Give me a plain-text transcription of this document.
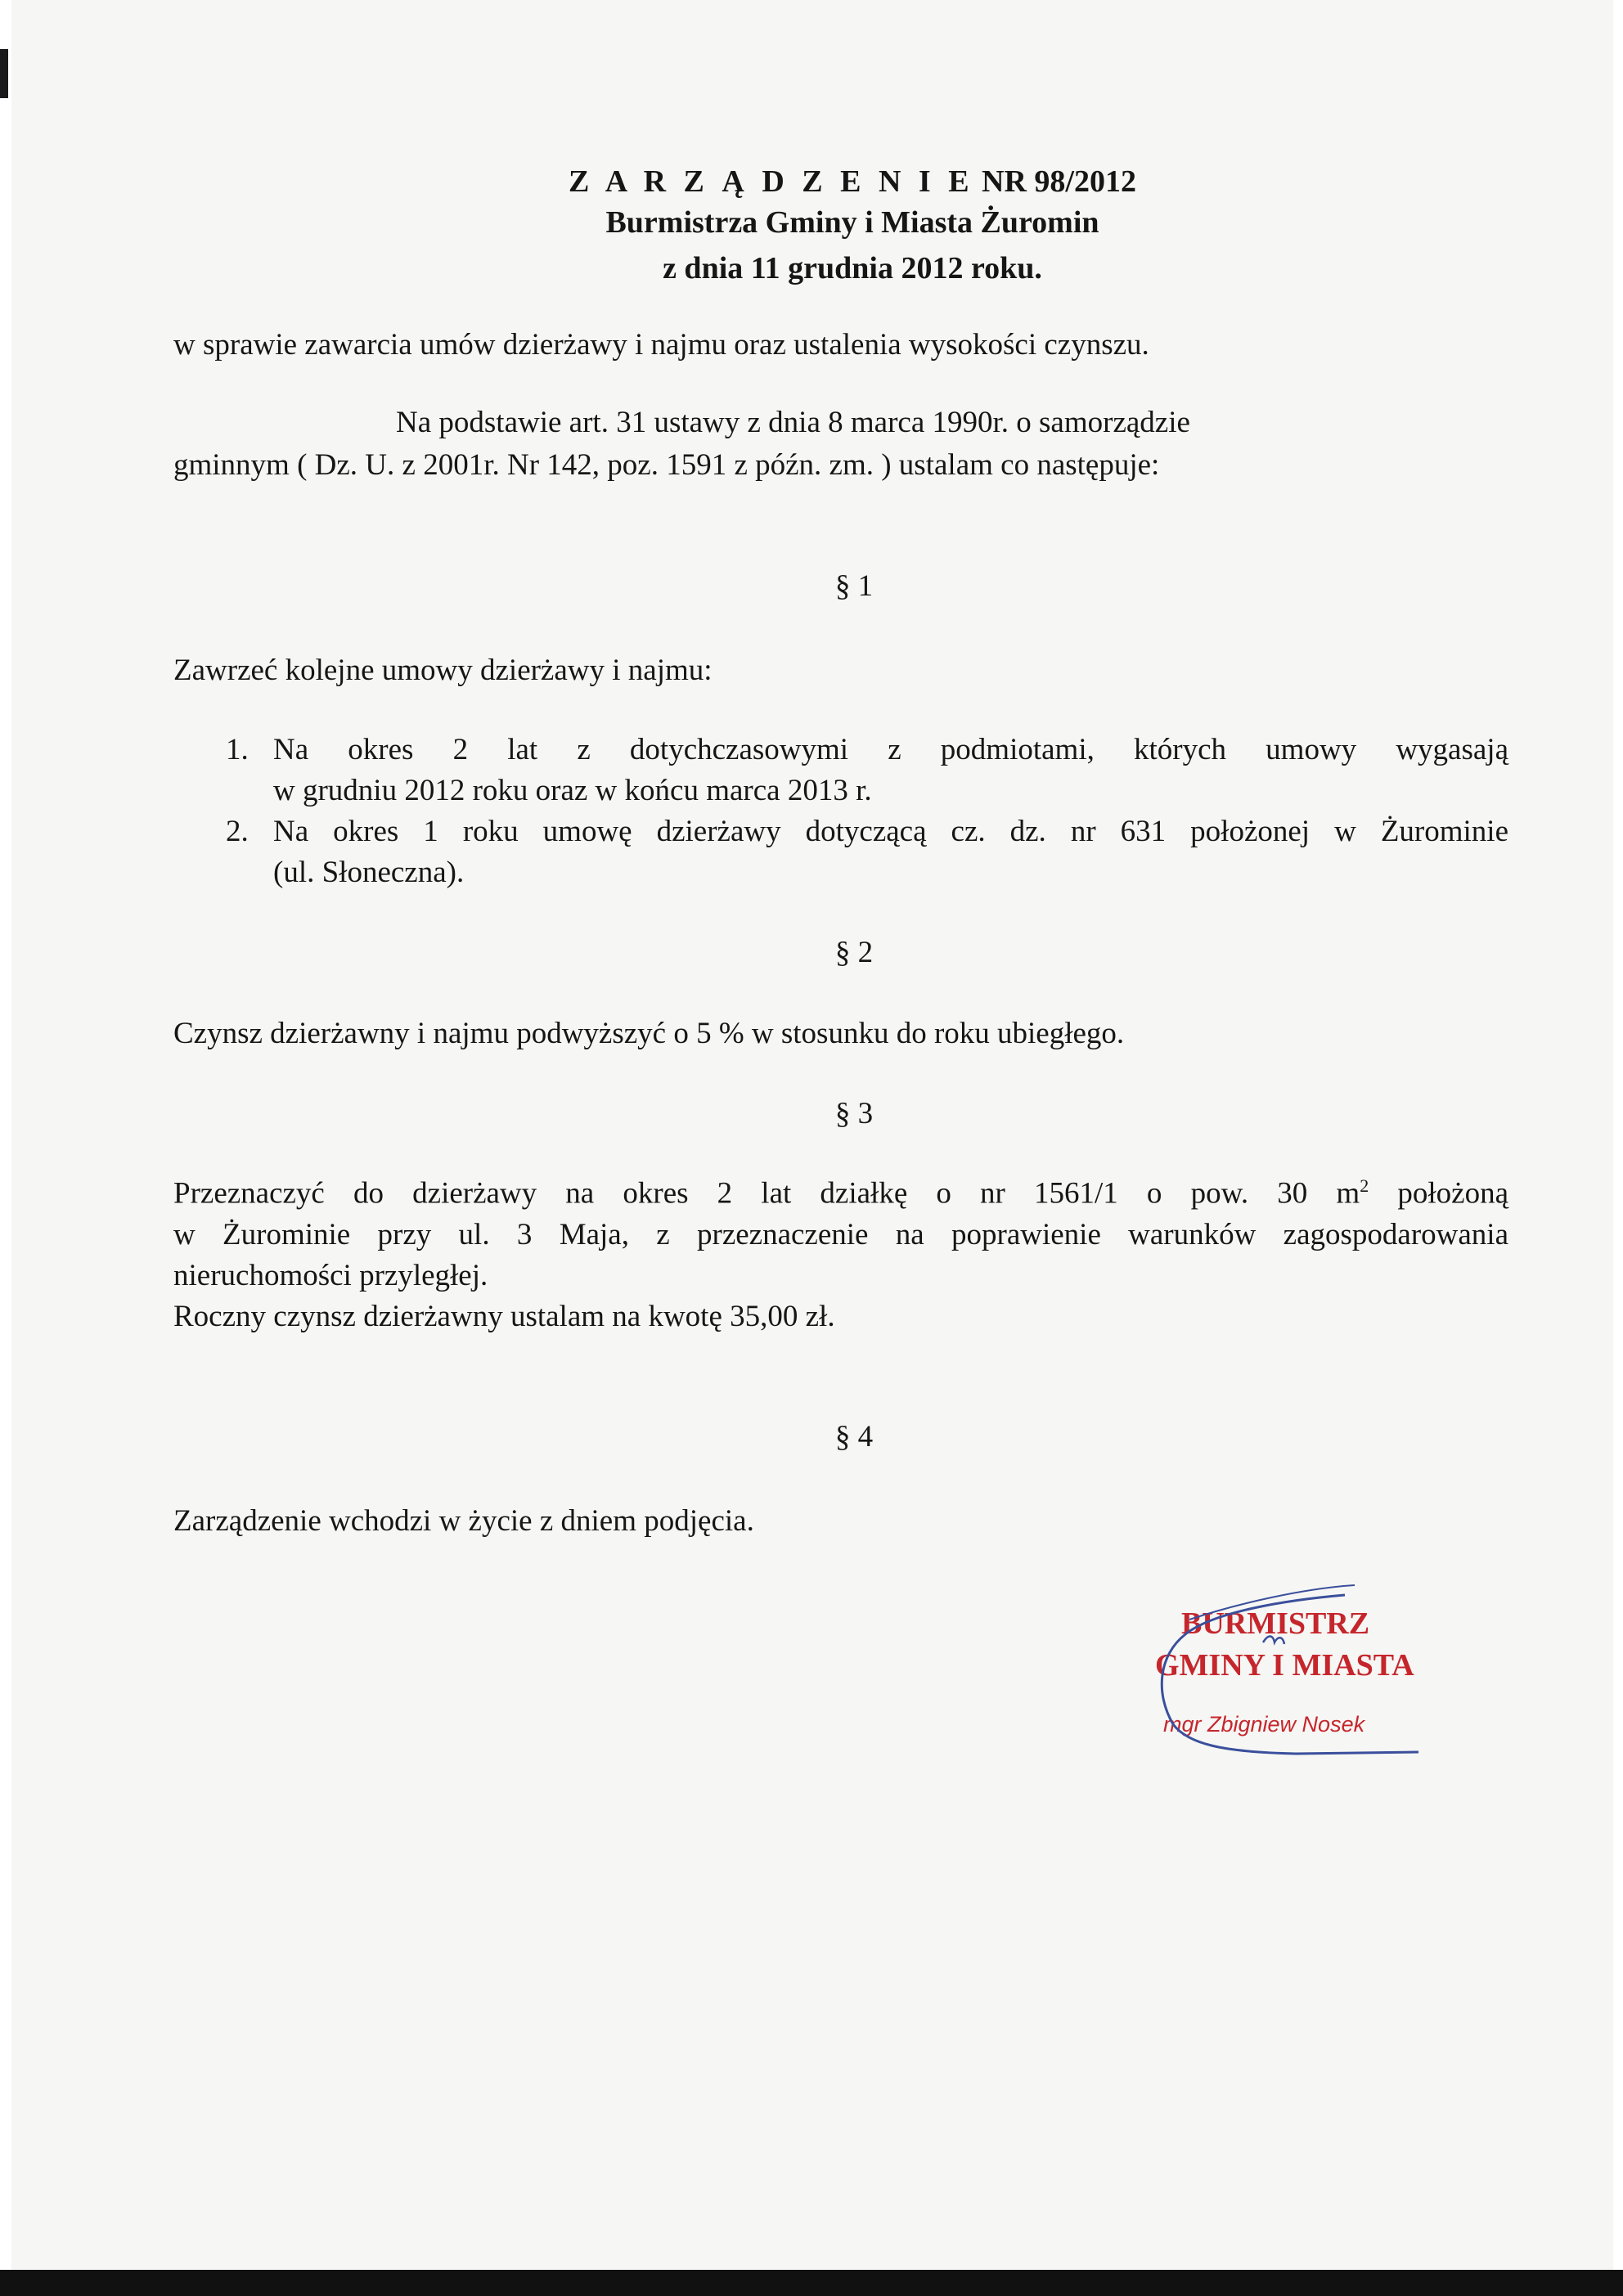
Z A R Z Ą D Z E N I E NR 98/2012
Burmistrza Gminy i Miasta Żuromin
z dnia 11 grudnia 2012 roku.
w sprawie zawarcia umów dzierżawy i najmu oraz ustalenia wysokości czynszu.
Na podstawie art. 31 ustawy z dnia 8 marca 1990r. o samorządzie
gminnym ( Dz. U. z 2001r. Nr 142, poz. 1591 z późn. zm. ) ustalam co następuje:
§ 1
Zawrzeć kolejne umowy dzierżawy i najmu:
1. Na okres 2 lat z dotychczasowymi z podmiotami, których umowy wygasają
w grudniu 2012 roku oraz w końcu marca 2013 r.
2. Na okres 1 roku umowę dzierżawy dotyczącą cz. dz. nr 631 położonej w Żurominie
(ul. Słoneczna).
§ 2
Czynsz dzierżawny i najmu podwyższyć o 5 % w stosunku do roku ubiegłego.
§ 3
Przeznaczyć do dzierżawy na okres 2 lat działkę o nr 1561/1 o pow. 30 $m^2$ położoną
w Żurominie przy ul. 3 Maja, z przeznaczenie na poprawienie warunków zagospodarowania
nieruchomości przyległej.
Roczny czynsz dzierżawny ustalam na kwotę 35,00 zł.
§ 4
Zarządzenie wchodzi w życie z dniem podjęcia.
BURMISTRZ
GMINY I MIASTA
mgr Zbigniew Nosek
